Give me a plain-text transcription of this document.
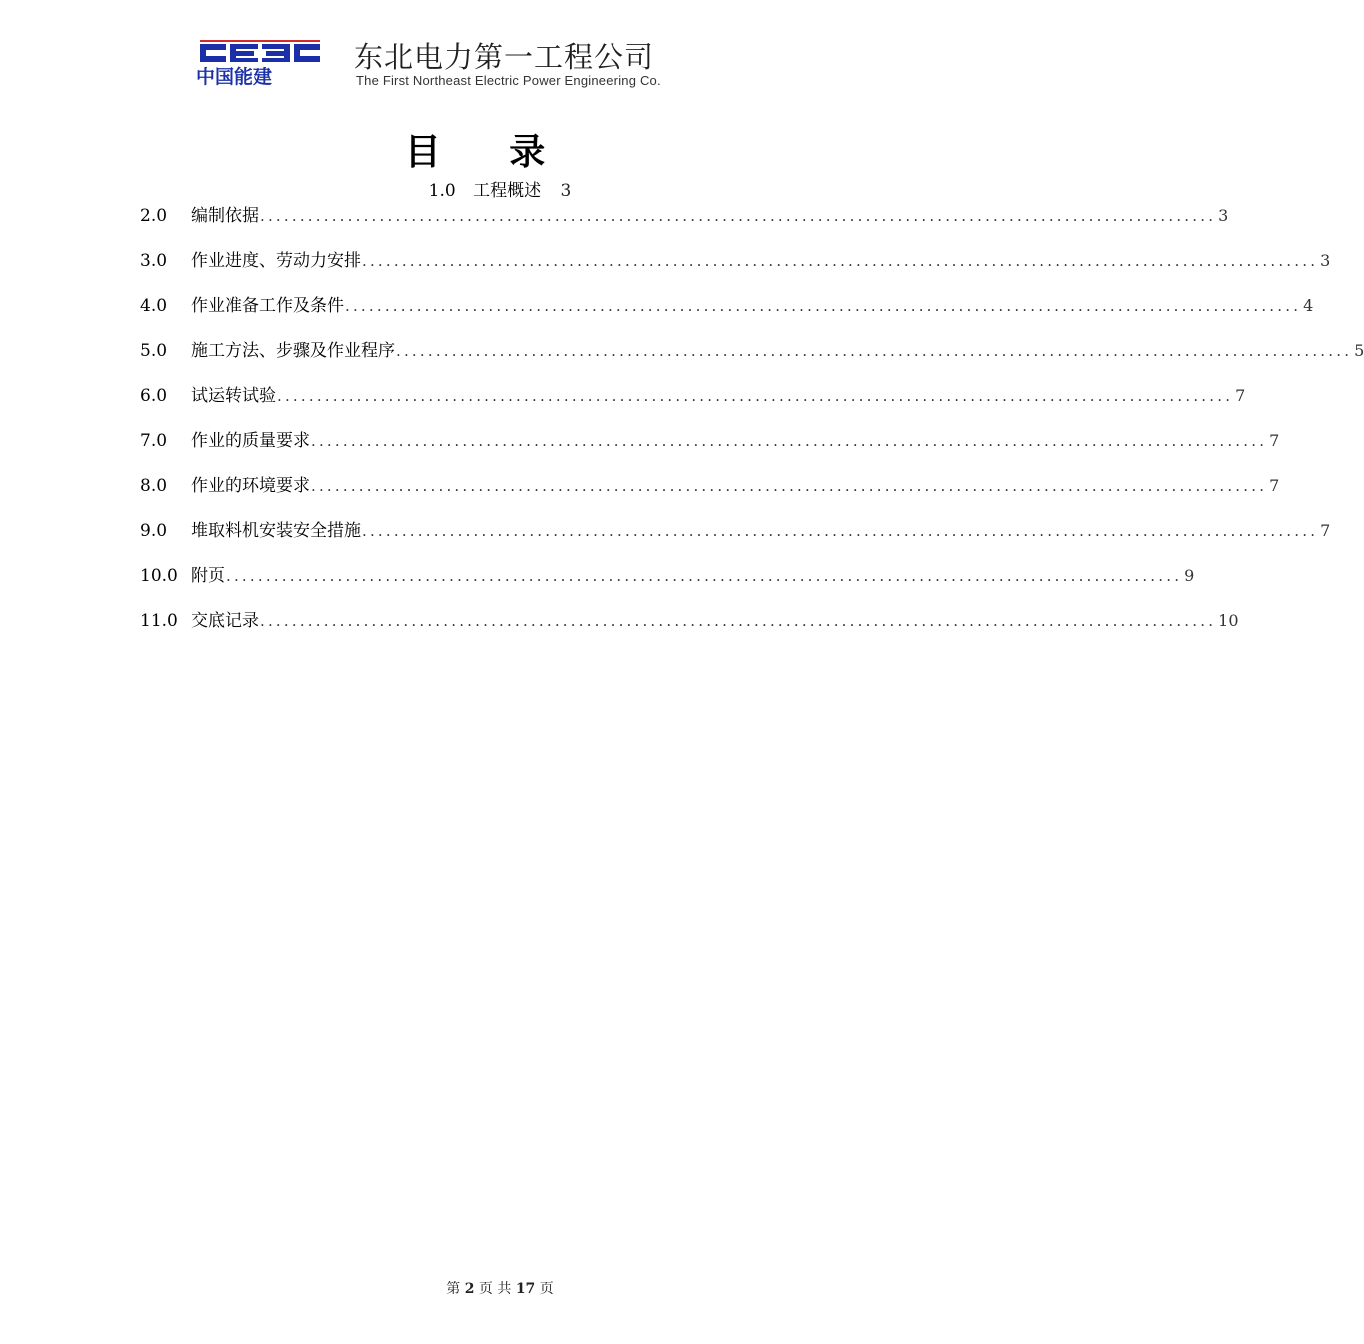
中国能建
东北电力第一工程公司
The First Northeast Electric Power Engineering Co.
目 录
1.0 工程概述 3
2.0	编制依据 ........................................................................................................................ 3
3.0	作业进度、劳动力安排 ........................................................................................................................ 3
4.0	作业准备工作及条件 ........................................................................................................................ 4
5.0	施工方法、步骤及作业程序 ........................................................................................................................ 5
6.0	试运转试验 ........................................................................................................................ 7
7.0	作业的质量要求 ........................................................................................................................ 7
8.0	作业的环境要求 ........................................................................................................................ 7
9.0	堆取料机安装安全措施 ........................................................................................................................ 7
10.0 附页 ........................................................................................................................ 9
11.0 交底记录 ........................................................................................................................ 10
第 2 页 共 17 页
